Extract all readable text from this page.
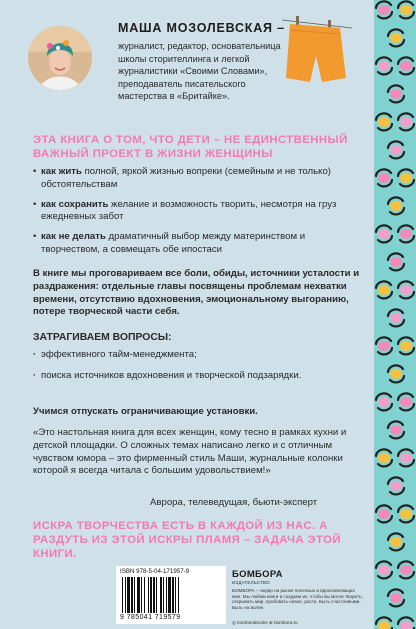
МАША МОЗОЛЕВСКАЯ –
журналист, редактор, основательница школы сторителлинга и легкой журналистики «Своими Словами», преподаватель писательского мастерства в «Бритайке».
ЭТА КНИГА О ТОМ, ЧТО ДЕТИ – НЕ ЕДИНСТВЕННЫЙ ВАЖНЫЙ ПРОЕКТ В ЖИЗНИ ЖЕНЩИНЫ
• как жить полной, яркой жизнью вопреки (семейным и не только) обстоятельствам
• как сохранить желание и возможность творить, несмотря на груз ежедневных забот
• как не делать драматичный выбор между материнством и творчеством, а совмещать обе ипостаси
В книге мы проговариваем все боли, обиды, источники усталости и раздражения: отдельные главы посвящены проблемам нехватки времени, отсутствию вдохновения, эмоциональному выгоранию, потере творческой части себя.
ЗАТРАГИВАЕМ ВОПРОСЫ:
· эффективного тайм-менеджмента;
· поиска источников вдохновения и творческой подзарядки.
Учимся отпускать ограничивающие установки.
«Это настольная книга для всех женщин, кому тесно в рамках кухни и детской площадки. О сложных темах написано легко и с отличным чувством юмора – это фирменный стиль Маши, журнальные колонки которой я всегда читала с большим удовольствием!»
Аврора, телеведущая, бьюти-эксперт
ИСКРА ТВОРЧЕСТВА ЕСТЬ В КАЖДОЙ ИЗ НАС. А РАЗДУТЬ ИЗ ЭТОЙ ИСКРЫ ПЛАМЯ – ЗАДАЧА ЭТОЙ КНИГИ.
ISBN 978-5-04-171957-9
9 785041 719579
БОМБОРА
ИЗДАТЕЛЬСТВО
БОМБОРА – лидер на рынке полезных и вдохновляющих книг. Мы любим книги и создаем их, чтобы вы могли творить, открывать мир, пробовать новое, расти. Быть счастливыми. Быть на волне.
◎ bomborabooks ⊕ bombora.ru
